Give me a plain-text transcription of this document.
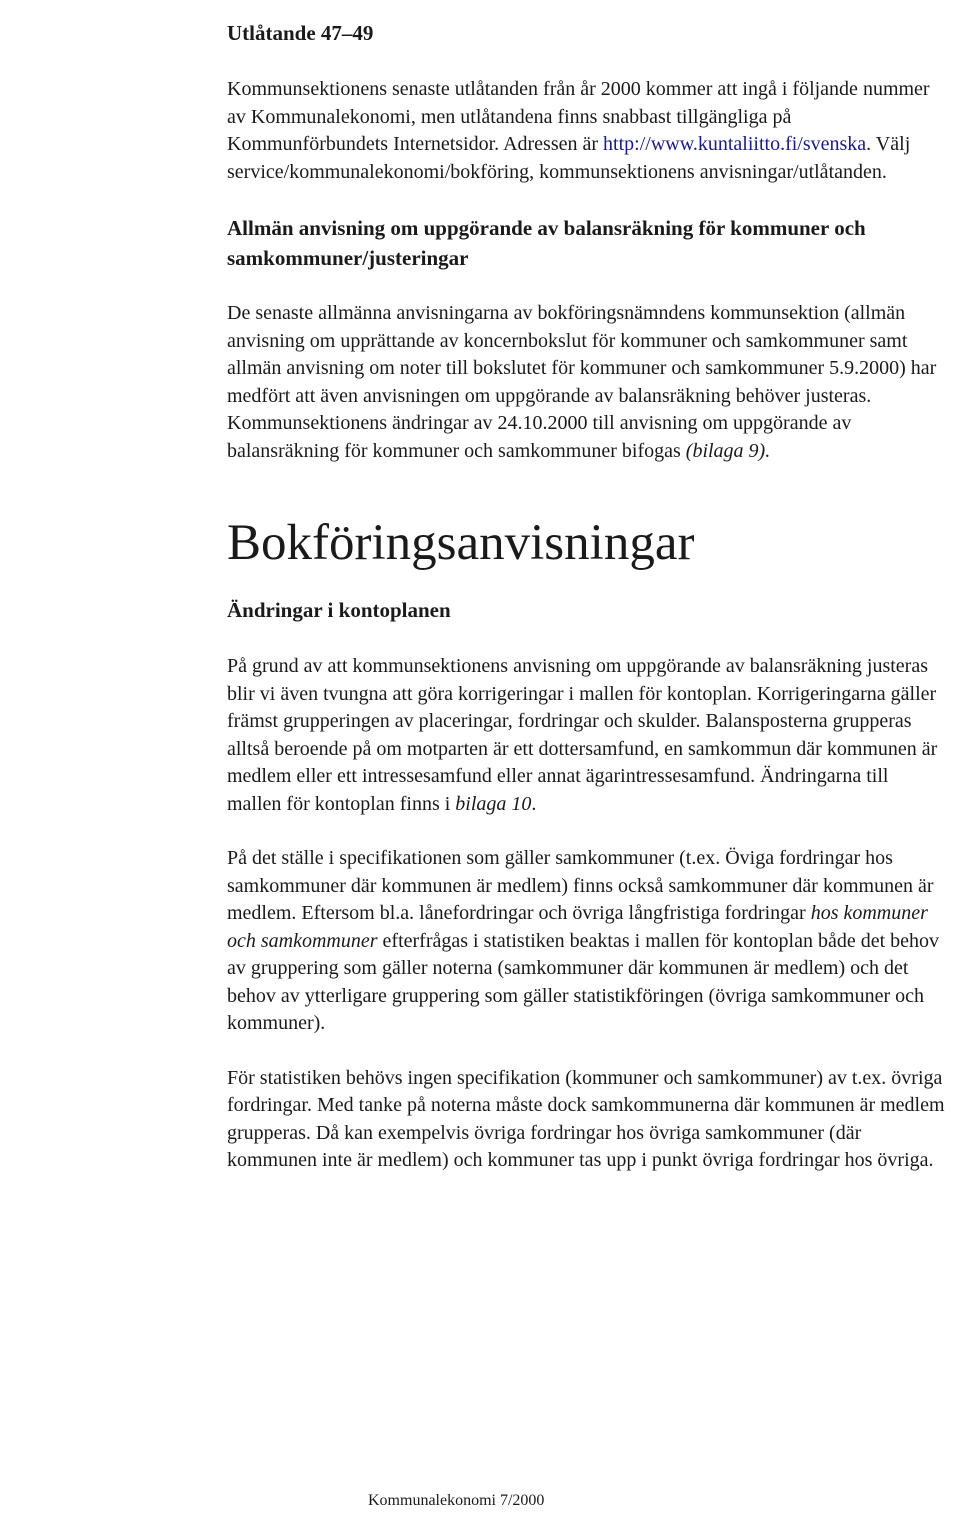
Utlåtande 47–49

Kommunsektionens senaste utlåtanden från år 2000 kommer att ingå i följande nummer av Kommunalekonomi, men utlåtandena finns snabbast tillgängliga på Kommunförbundets Internetsidor. Adressen är http://www.kuntaliitto.fi/svenska. Välj service/kommunalekonomi/bokföring, kommunsektionens anvisningar/utlåtanden.

Allmän anvisning om uppgörande av balansräkning för kommuner och samkommuner/justeringar

De senaste allmänna anvisningarna av bokföringsnämndens kommunsektion (allmän anvisning om upprättande av koncernbokslut för kommuner och samkommuner samt allmän anvisning om noter till bokslutet för kommuner och samkommuner 5.9.2000) har medfört att även anvisningen om uppgörande av balansräkning behöver justeras. Kommunsektionens ändringar av 24.10.2000 till anvisning om uppgörande av balansräkning för kommuner och samkommuner bifogas (bilaga 9).

Bokföringsanvisningar
Ändringar i kontoplanen

På grund av att kommunsektionens anvisning om uppgörande av balansräkning justeras blir vi även tvungna att göra korrigeringar i mallen för kontoplan. Korrigeringarna gäller främst grupperingen av placeringar, fordringar och skulder. Balansposterna grupperas alltså beroende på om motparten är ett dottersamfund, en samkommun där kommunen är medlem eller ett intressesamfund eller annat ägarintressesamfund. Ändringarna till mallen för kontoplan finns i bilaga 10.

På det ställe i specifikationen som gäller samkommuner (t.ex. Öviga fordringar hos samkommuner där kommunen är medlem) finns också samkommuner där kommunen är medlem. Eftersom bl.a. lånefordringar och övriga långfristiga fordringar hos kommuner och samkommuner efterfrågas i statistiken beaktas i mallen för kontoplan både det behov av gruppering som gäller noterna (samkommuner där kommunen är medlem) och det behov av ytterligare gruppering som gäller statistikföringen (övriga samkommuner och kommuner).

För statistiken behövs ingen specifikation (kommuner och samkommuner) av t.ex. övriga fordringar. Med tanke på noterna måste dock samkommunerna där kommunen är medlem grupperas. Då kan exempelvis övriga fordringar hos övriga samkommuner (där kommunen inte är medlem) och kommuner tas upp i punkt övriga fordringar hos övriga.

Kommunalekonomi 7/2000
